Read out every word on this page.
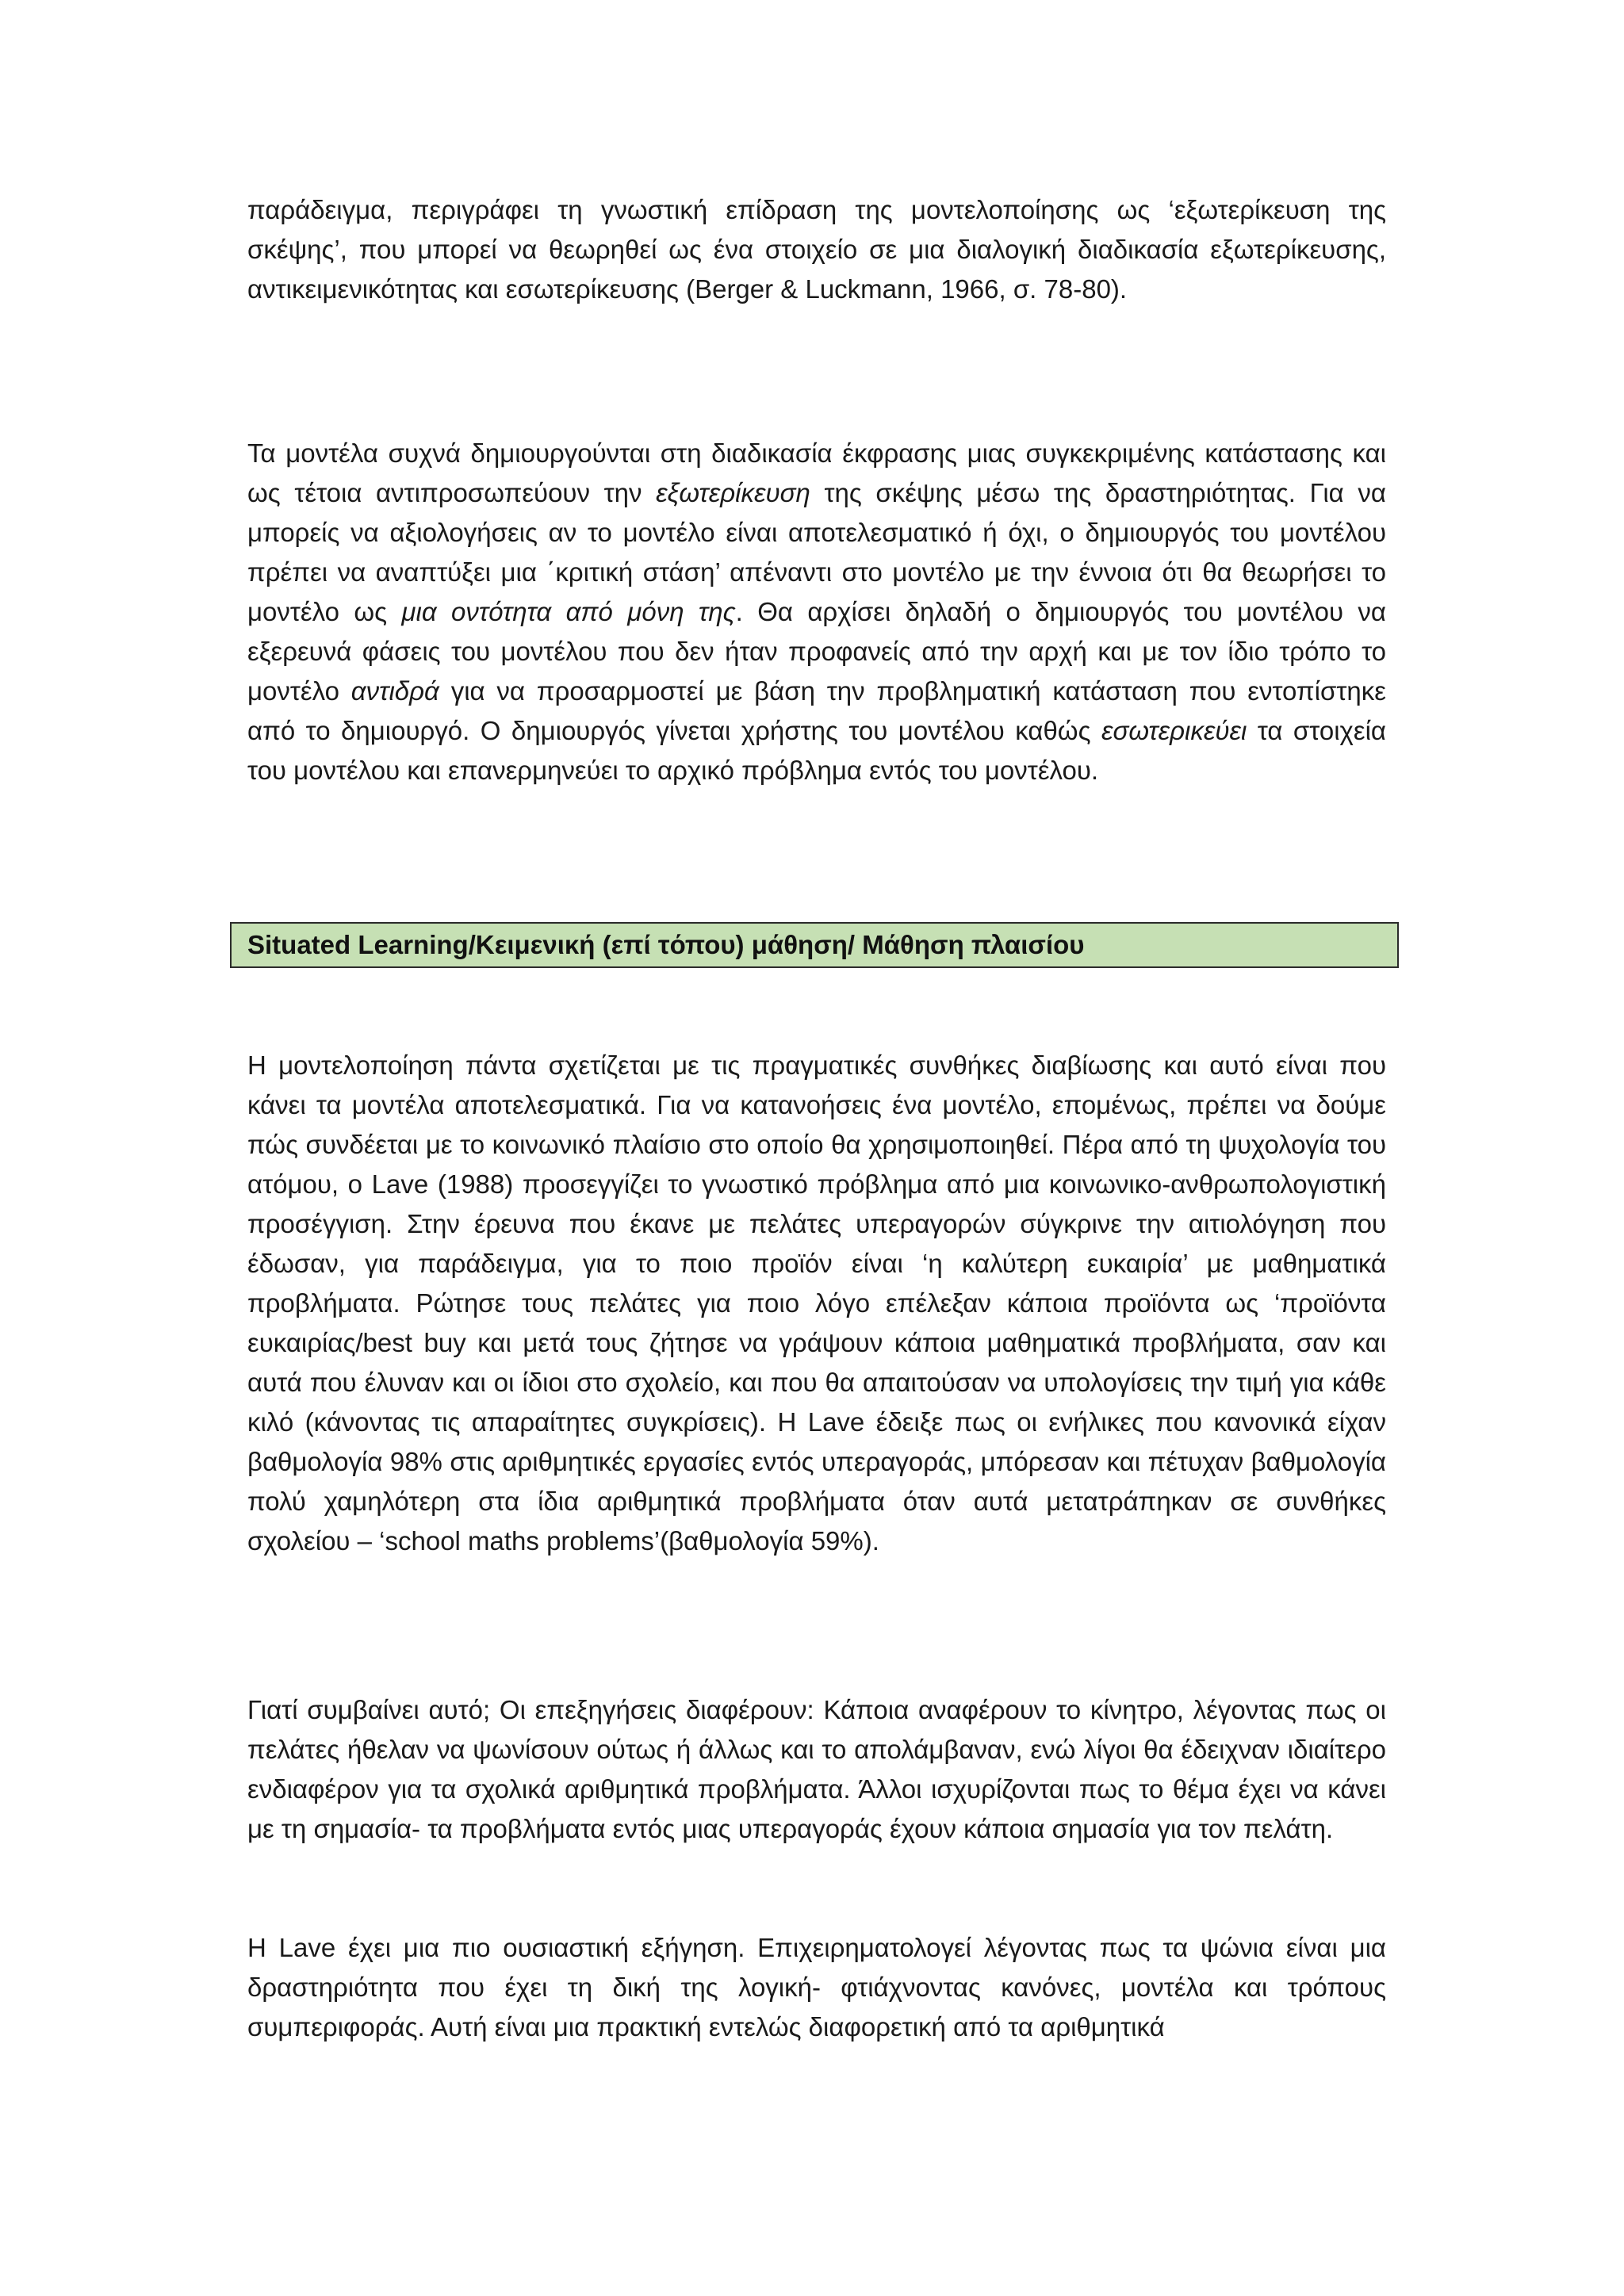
παράδειγμα, περιγράφει τη γνωστική επίδραση της μοντελοποίησης ως ‘εξωτερίκευση της σκέψης’, που μπορεί να θεωρηθεί ως ένα στοιχείο σε μια διαλογική διαδικασία εξωτερίκευσης, αντικειμενικότητας και εσωτερίκευσης (Berger & Luckmann, 1966, σ. 78-80).

Τα μοντέλα συχνά δημιουργούνται στη διαδικασία έκφρασης μιας συγκεκριμένης κατάστασης και ως τέτοια αντιπροσωπεύουν την εξωτερίκευση της σκέψης μέσω της δραστηριότητας. Για να μπορείς να αξιολογήσεις αν το μοντέλο είναι αποτελεσματικό ή όχι, ο δημιουργός του μοντέλου πρέπει να αναπτύξει μια ΄κριτική στάση’ απέναντι στο μοντέλο με την έννοια ότι θα θεωρήσει το μοντέλο ως μια οντότητα από μόνη της. Θα αρχίσει δηλαδή ο δημιουργός του μοντέλου να εξερευνά φάσεις του μοντέλου που δεν ήταν προφανείς από την αρχή και με τον ίδιο τρόπο το μοντέλο αντιδρά για να προσαρμοστεί με βάση την προβληματική κατάσταση που εντοπίστηκε από το δημιουργό. Ο δημιουργός γίνεται χρήστης του μοντέλου καθώς εσωτερικεύει τα στοιχεία του μοντέλου και επανερμηνεύει το αρχικό πρόβλημα εντός του μοντέλου.

Situated Learning/Κειμενική (επί τόπου) μάθηση/ Μάθηση πλαισίου

Η μοντελοποίηση πάντα σχετίζεται με τις πραγματικές συνθήκες διαβίωσης και αυτό είναι που κάνει τα μοντέλα αποτελεσματικά. Για να κατανοήσεις ένα μοντέλο, επομένως, πρέπει να δούμε πώς συνδέεται με το κοινωνικό πλαίσιο στο οποίο θα χρησιμοποιηθεί. Πέρα από τη ψυχολογία του ατόμου, ο Lave (1988) προσεγγίζει το γνωστικό πρόβλημα από μια κοινωνικο-ανθρωπολογιστική προσέγγιση. Στην έρευνα που έκανε με πελάτες υπεραγορών σύγκρινε την αιτιολόγηση που έδωσαν, για παράδειγμα, για το ποιο προϊόν είναι ‘η καλύτερη ευκαιρία’ με μαθηματικά προβλήματα. Ρώτησε τους πελάτες για ποιο λόγο επέλεξαν κάποια προϊόντα ως ‘προϊόντα ευκαιρίας/best buy και μετά τους ζήτησε να γράψουν κάποια μαθηματικά προβλήματα, σαν και αυτά που έλυναν και οι ίδιοι στο σχολείο, και που θα απαιτούσαν να υπολογίσεις την τιμή για κάθε κιλό (κάνοντας τις απαραίτητες συγκρίσεις). Η Lave έδειξε πως οι ενήλικες που κανονικά είχαν βαθμολογία 98% στις αριθμητικές εργασίες εντός υπεραγοράς, μπόρεσαν και πέτυχαν βαθμολογία πολύ χαμηλότερη στα ίδια αριθμητικά προβλήματα όταν αυτά μετατράπηκαν σε συνθήκες σχολείου – ‘school maths problems’(βαθμολογία 59%).

Γιατί συμβαίνει αυτό; Οι επεξηγήσεις διαφέρουν: Κάποια αναφέρουν το κίνητρο, λέγοντας πως οι πελάτες ήθελαν να ψωνίσουν ούτως ή άλλως και το απολάμβαναν, ενώ λίγοι θα έδειχναν ιδιαίτερο ενδιαφέρον για τα σχολικά αριθμητικά προβλήματα. Άλλοι ισχυρίζονται πως το θέμα έχει να κάνει με τη σημασία- τα προβλήματα εντός μιας υπεραγοράς έχουν κάποια σημασία για τον πελάτη.

Η Lave έχει μια πιο ουσιαστική εξήγηση. Επιχειρηματολογεί λέγοντας πως τα ψώνια είναι μια δραστηριότητα που έχει τη δική της λογική- φτιάχνοντας κανόνες, μοντέλα και τρόπους συμπεριφοράς. Αυτή είναι μια πρακτική εντελώς διαφορετική από τα αριθμητικά
